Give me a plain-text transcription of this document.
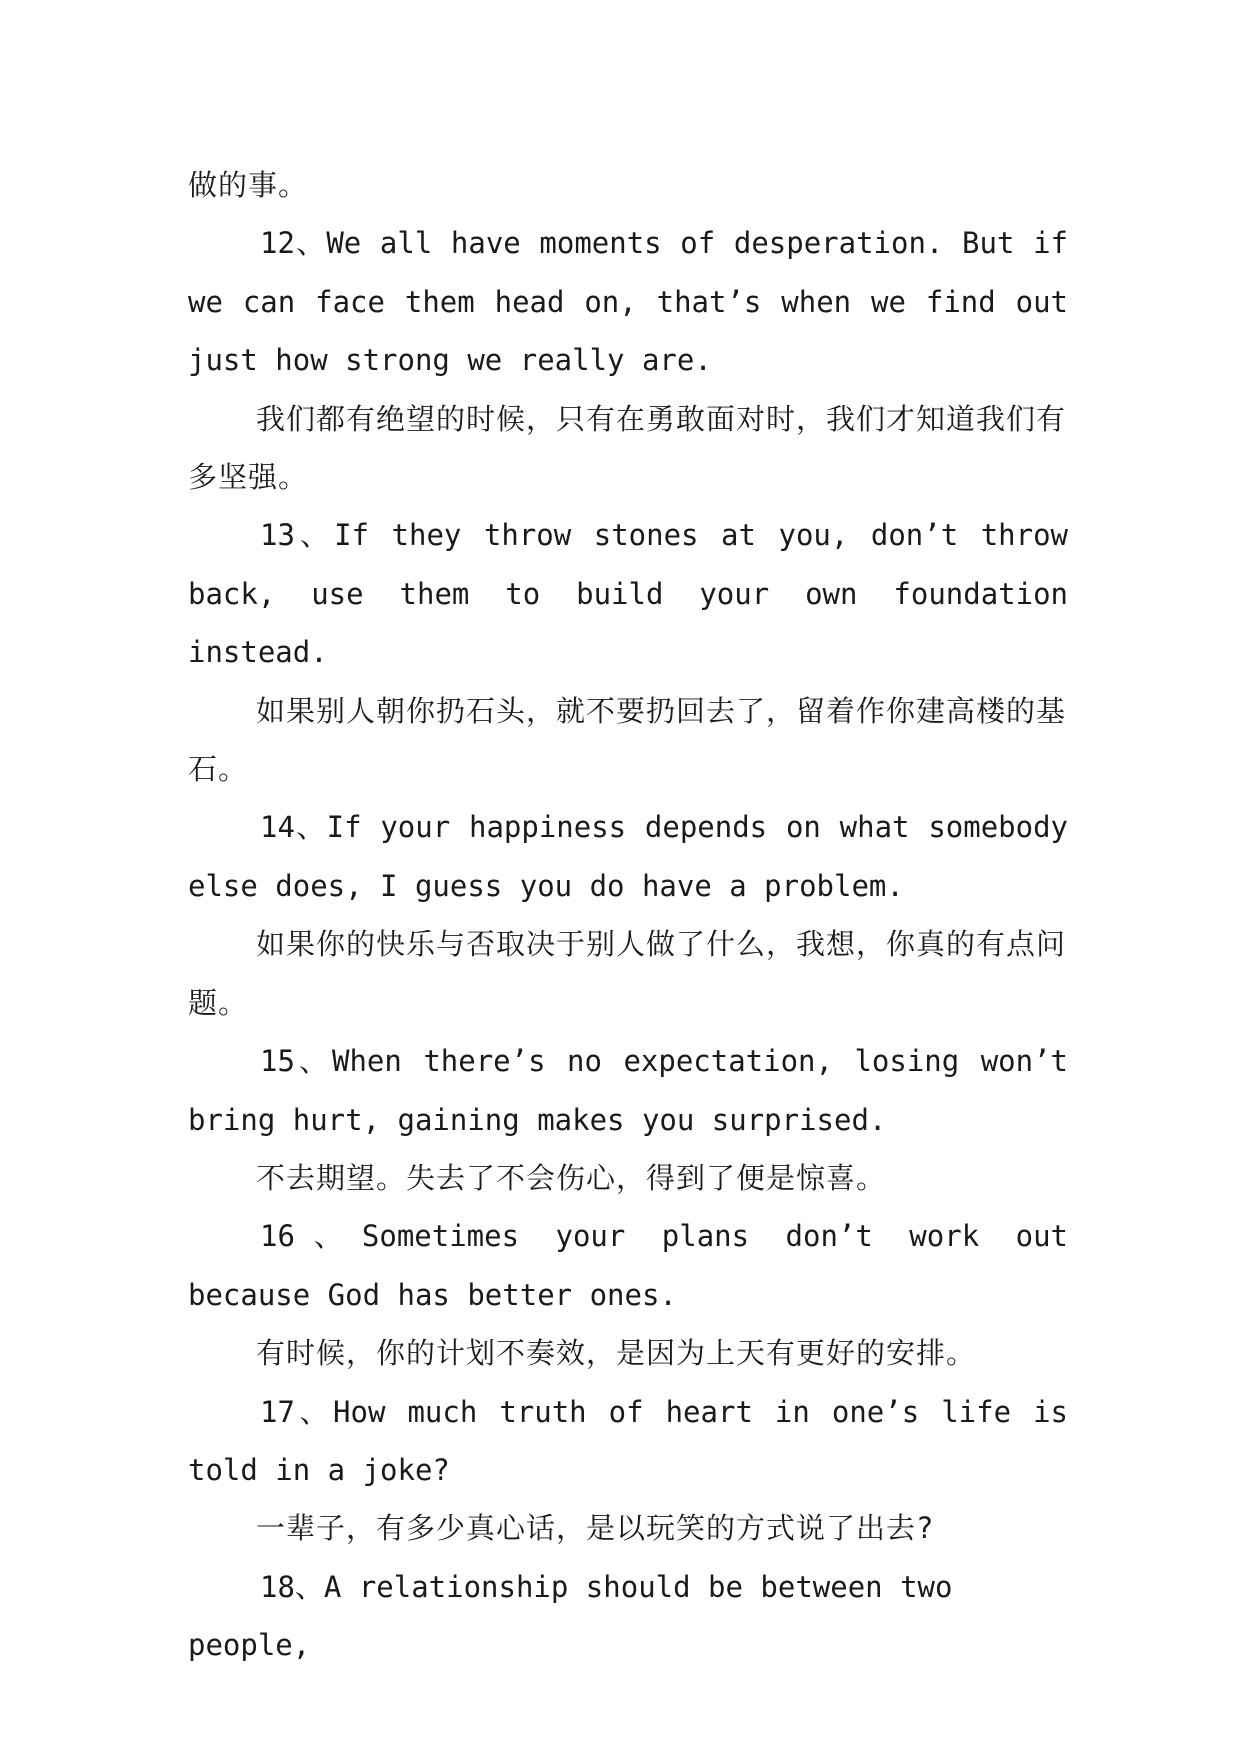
做的事。

12、We all have moments of desperation. But if we can face them head on, that’s when we find out just how strong we really are.

我们都有绝望的时候，只有在勇敢面对时，我们才知道我们有多坚强。

13、If they throw stones at you, don’t throw back, use them to build your own foundation instead.

如果别人朝你扔石头，就不要扔回去了，留着作你建高楼的基石。

14、If your happiness depends on what somebody else does, I guess you do have a problem.

如果你的快乐与否取决于别人做了什么，我想，你真的有点问题。

15、When there’s no expectation, losing won’t bring hurt, gaining makes you surprised.

不去期望。失去了不会伤心，得到了便是惊喜。

16、Sometimes your plans don’t work out because God has better ones.

有时候，你的计划不奏效，是因为上天有更好的安排。

17、How much truth of heart in one’s life is told in a joke?

一辈子，有多少真心话，是以玩笑的方式说了出去?

18、A relationship should be between two people,
